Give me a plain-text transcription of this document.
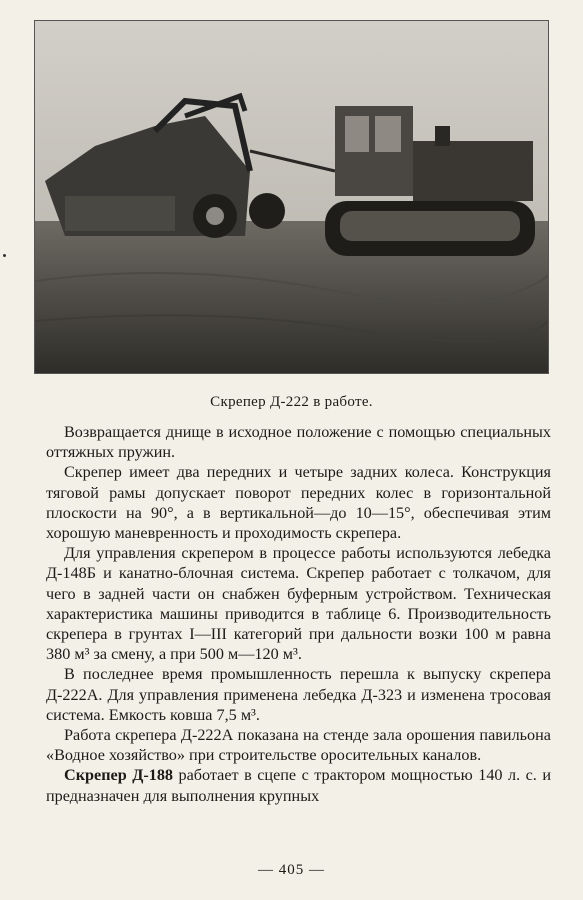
Скрепер Д-222 в работе.

Возвращается днище в исходное положение с помощью специальных оттяжных пружин.

Скрепер имеет два передних и четыре задних колеса. Конструкция тяговой рамы допускает поворот передних колес в горизонтальной плоскости на 90°, а в вертикальной—до 10—15°, обеспечивая этим хорошую маневренность и проходимость скрепера.

Для управления скрепером в процессе работы используются лебедка Д-148Б и канатно-блочная система. Скрепер работает с толкачом, для чего в задней части он снабжен буферным устройством. Техническая характеристика машины приводится в таблице 6. Производительность скрепера в грунтах I—III категорий при дальности возки 100 м равна 380 м³ за смену, а при 500 м—120 м³.

В последнее время промышленность перешла к выпуску скрепера Д-222А. Для управления применена лебедка Д-323 и изменена тросовая система. Емкость ковша 7,5 м³.

Работа скрепера Д-222А показана на стенде зала орошения павильона «Водное хозяйство» при строительстве оросительных каналов.

Скрепер Д-188 работает в сцепе с трактором мощностью 140 л. с. и предназначен для выполнения крупных

— 405 —
